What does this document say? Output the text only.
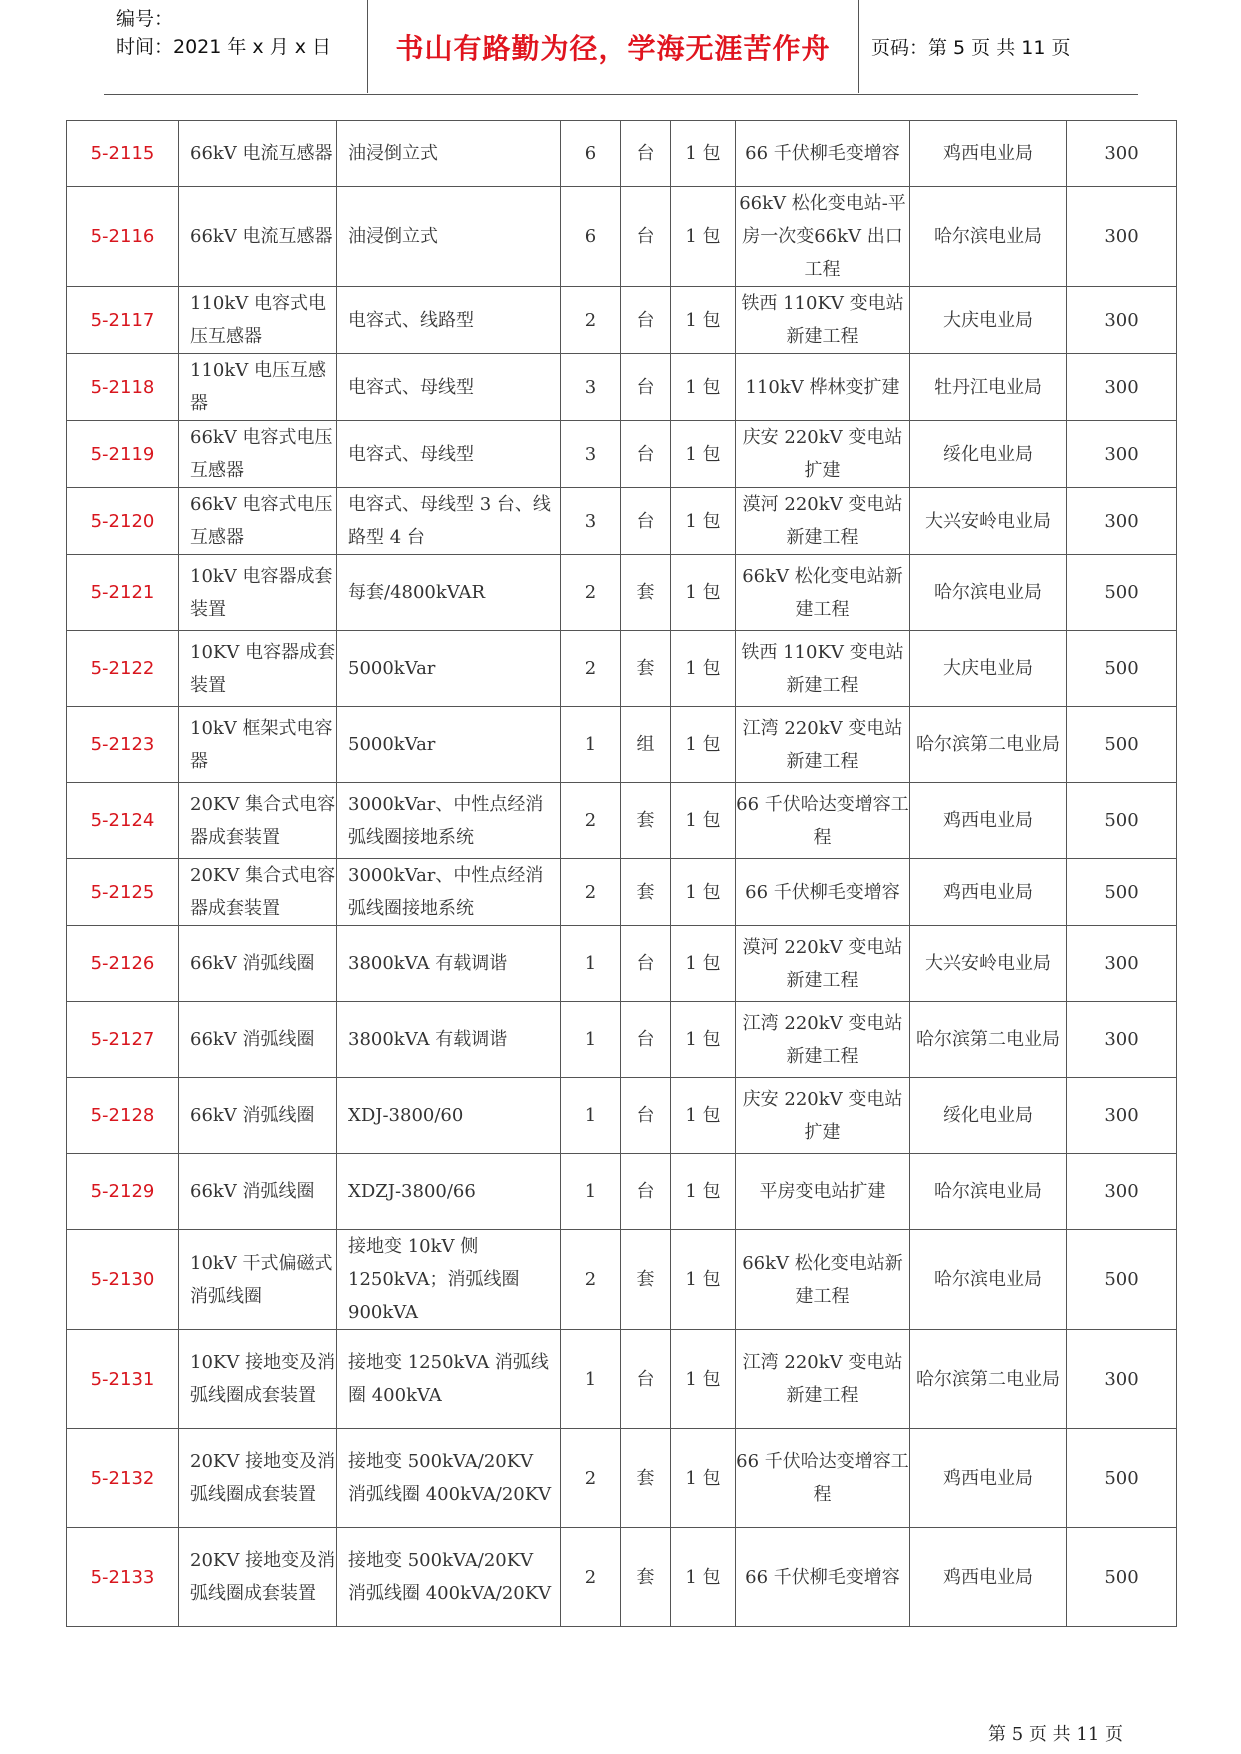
编号：
时间：2021 年 x 月 x 日 书山有路勤为径，学海无涯苦作舟 页码：第 5 页 共 11 页
5-2115	66kV 电流互感器	油浸倒立式	6	台	1 包	66 千伏柳毛变增容	鸡西电业局	300
5-2116	66kV 电流互感器	油浸倒立式	6	台	1 包	66kV 松化变电站-平房一次变66kV 出口工程	哈尔滨电业局	300
5-2117	110kV 电容式电压互感器	电容式、线路型	2	台	1 包	铁西 110KV 变电站新建工程	大庆电业局	300
5-2118	110kV 电压互感器	电容式、母线型	3	台	1 包	110kV 桦林变扩建	牡丹江电业局	300
5-2119	66kV 电容式电压互感器	电容式、母线型	3	台	1 包	庆安 220kV 变电站扩建	绥化电业局	300
5-2120	66kV 电容式电压互感器	电容式、母线型 3 台、线路型 4 台	3	台	1 包	漠河 220kV 变电站新建工程	大兴安岭电业局	300
5-2121	10kV 电容器成套装置	每套/4800kVAR	2	套	1 包	66kV 松化变电站新建工程	哈尔滨电业局	500
5-2122	10KV 电容器成套装置	5000kVar	2	套	1 包	铁西 110KV 变电站新建工程	大庆电业局	500
5-2123	10kV 框架式电容器	5000kVar	1	组	1 包	江湾 220kV 变电站新建工程	哈尔滨第二电业局	500
5-2124	20KV 集合式电容器成套装置	3000kVar、中性点经消弧线圈接地系统	2	套	1 包	66 千伏哈达变增容工程	鸡西电业局	500
5-2125	20KV 集合式电容器成套装置	3000kVar、中性点经消弧线圈接地系统	2	套	1 包	66 千伏柳毛变增容	鸡西电业局	500
5-2126	66kV 消弧线圈	3800kVA 有载调谐	1	台	1 包	漠河 220kV 变电站新建工程	大兴安岭电业局	300
5-2127	66kV 消弧线圈	3800kVA 有载调谐	1	台	1 包	江湾 220kV 变电站新建工程	哈尔滨第二电业局	300
5-2128	66kV 消弧线圈	XDJ-3800/60	1	台	1 包	庆安 220kV 变电站扩建	绥化电业局	300
5-2129	66kV 消弧线圈	XDZJ-3800/66	1	台	1 包	平房变电站扩建	哈尔滨电业局	300
5-2130	10kV 干式偏磁式消弧线圈	接地变 10kV 侧1250kVA；消弧线圈900kVA	2	套	1 包	66kV 松化变电站新建工程	哈尔滨电业局	500
5-2131	10KV 接地变及消弧线圈成套装置	接地变 1250kVA 消弧线圈 400kVA	1	台	1 包	江湾 220kV 变电站新建工程	哈尔滨第二电业局	300
5-2132	20KV 接地变及消弧线圈成套装置	接地变 500kVA/20KV 消弧线圈 400kVA/20KV	2	套	1 包	66 千伏哈达变增容工程	鸡西电业局	500
5-2133	20KV 接地变及消弧线圈成套装置	接地变 500kVA/20KV 消弧线圈 400kVA/20KV	2	套	1 包	66 千伏柳毛变增容	鸡西电业局	500
第 5 页 共 11 页
